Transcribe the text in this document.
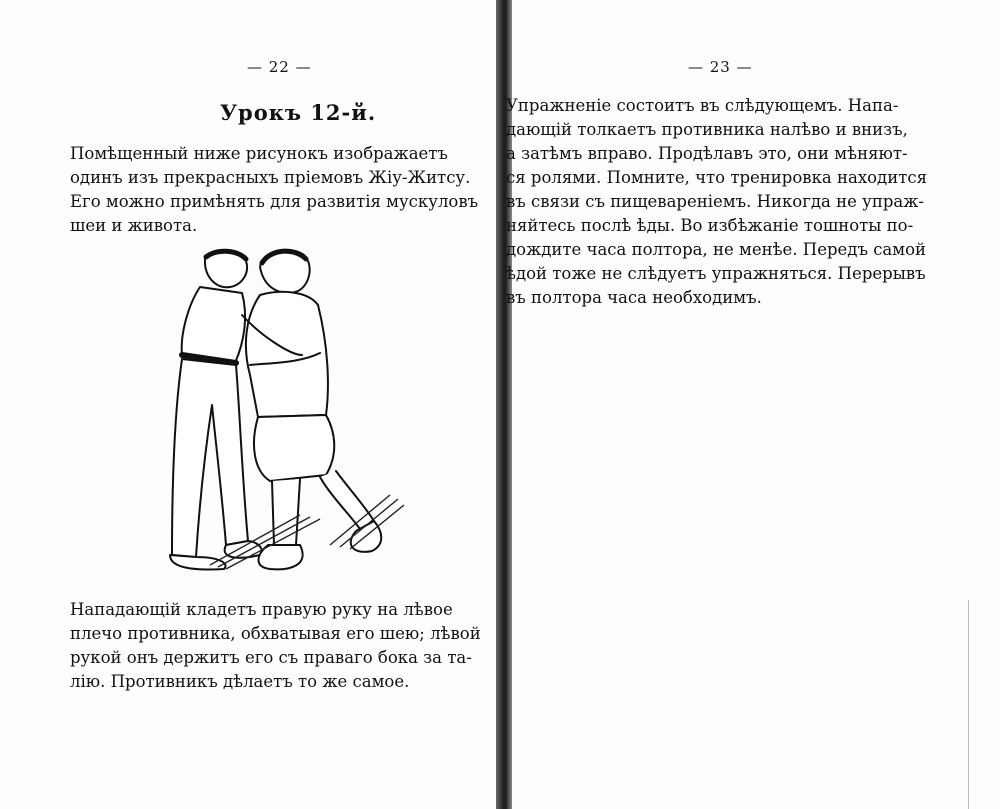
— 22 —
Урокъ 12-й.

Помѣщенный ниже рисунокъ изображаетъ
одинъ изъ прекрасныхъ пріемовъ Жіу-Житсу.
Его можно примѣнять для развитія мускуловъ
шеи и живота.

Нападающій кладетъ правую руку на лѣвое
плечо противника, обхватывая его шею; лѣвой
рукой онъ держитъ его съ праваго бока за та-
лію. Противникъ дѣлаетъ то же самое.

— 23 —

Упражненіе состоитъ въ слѣдующемъ. Напа-
дающій толкаетъ противника налѣво и внизъ,
а затѣмъ вправо. Продѣлавъ это, они мѣняют-
ся ролями. Помните, что тренировка находится
въ связи съ пищевареніемъ. Никогда не упраж-
няйтесь послѣ ѣды. Во избѣжаніе тошноты по-
дождите часа полтора, не менѣе. Передъ самой
ѣдой тоже не слѣдуетъ упражняться. Перерывъ
въ полтора часа необходимъ.
